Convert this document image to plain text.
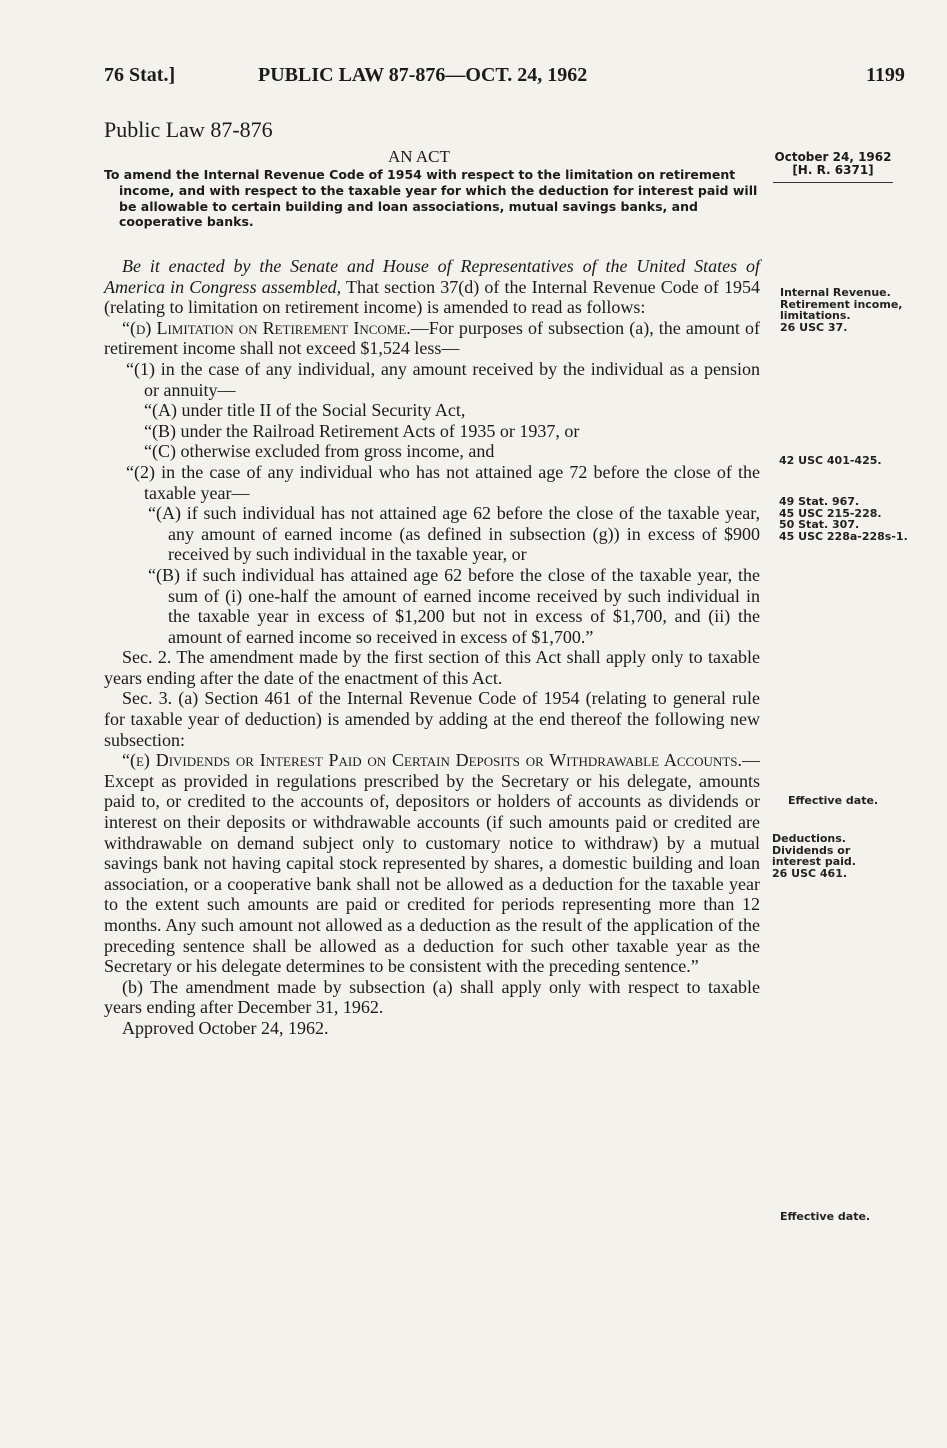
76 Stat.]	PUBLIC LAW 87-876—OCT. 24, 1962	1199
Public Law 87-876
AN ACT
To amend the Internal Revenue Code of 1954 with respect to the limitation on retirement income, and with respect to the taxable year for which the deduction for interest paid will be allowable to certain building and loan associations, mutual savings banks, and cooperative banks.
October 24, 1962
[H. R. 6371]

Be it enacted by the Senate and House of Representatives of the United States of America in Congress assembled, That section 37(d) of the Internal Revenue Code of 1954 (relating to limitation on retirement income) is amended to read as follows:

“(d) Limitation on Retirement Income.—For purposes of subsection (a), the amount of retirement income shall not exceed $1,524 less—

“(1) in the case of any individual, any amount received by the individual as a pension or annuity—

“(A) under title II of the Social Security Act,

“(B) under the Railroad Retirement Acts of 1935 or 1937, or

“(C) otherwise excluded from gross income, and

“(2) in the case of any individual who has not attained age 72 before the close of the taxable year—

“(A) if such individual has not attained age 62 before the close of the taxable year, any amount of earned income (as defined in subsection (g)) in excess of $900 received by such individual in the taxable year, or

“(B) if such individual has attained age 62 before the close of the taxable year, the sum of (i) one-half the amount of earned income received by such individual in the taxable year in excess of $1,200 but not in excess of $1,700, and (ii) the amount of earned income so received in excess of $1,700.”

Sec. 2. The amendment made by the first section of this Act shall apply only to taxable years ending after the date of the enactment of this Act.

Sec. 3. (a) Section 461 of the Internal Revenue Code of 1954 (relating to general rule for taxable year of deduction) is amended by adding at the end thereof the following new subsection:

“(e) Dividends or Interest Paid on Certain Deposits or Withdrawable Accounts.—Except as provided in regulations prescribed by the Secretary or his delegate, amounts paid to, or credited to the accounts of, depositors or holders of accounts as dividends or interest on their deposits or withdrawable accounts (if such amounts paid or credited are withdrawable on demand subject only to customary notice to withdraw) by a mutual savings bank not having capital stock represented by shares, a domestic building and loan association, or a cooperative bank shall not be allowed as a deduction for the taxable year to the extent such amounts are paid or credited for periods representing more than 12 months. Any such amount not allowed as a deduction as the result of the application of the preceding sentence shall be allowed as a deduction for such other taxable year as the Secretary or his delegate determines to be consistent with the preceding sentence.”

(b) The amendment made by subsection (a) shall apply only with respect to taxable years ending after December 31, 1962.

Approved October 24, 1962.

Internal Revenue.
Retirement income, limitations.
26 USC 37.
42 USC 401-425.
49 Stat. 967.
45 USC 215-228.
50 Stat. 307.
45 USC 228a-228s-1.
Effective date.
Deductions.
Dividends or interest paid.
26 USC 461.
Effective date.
